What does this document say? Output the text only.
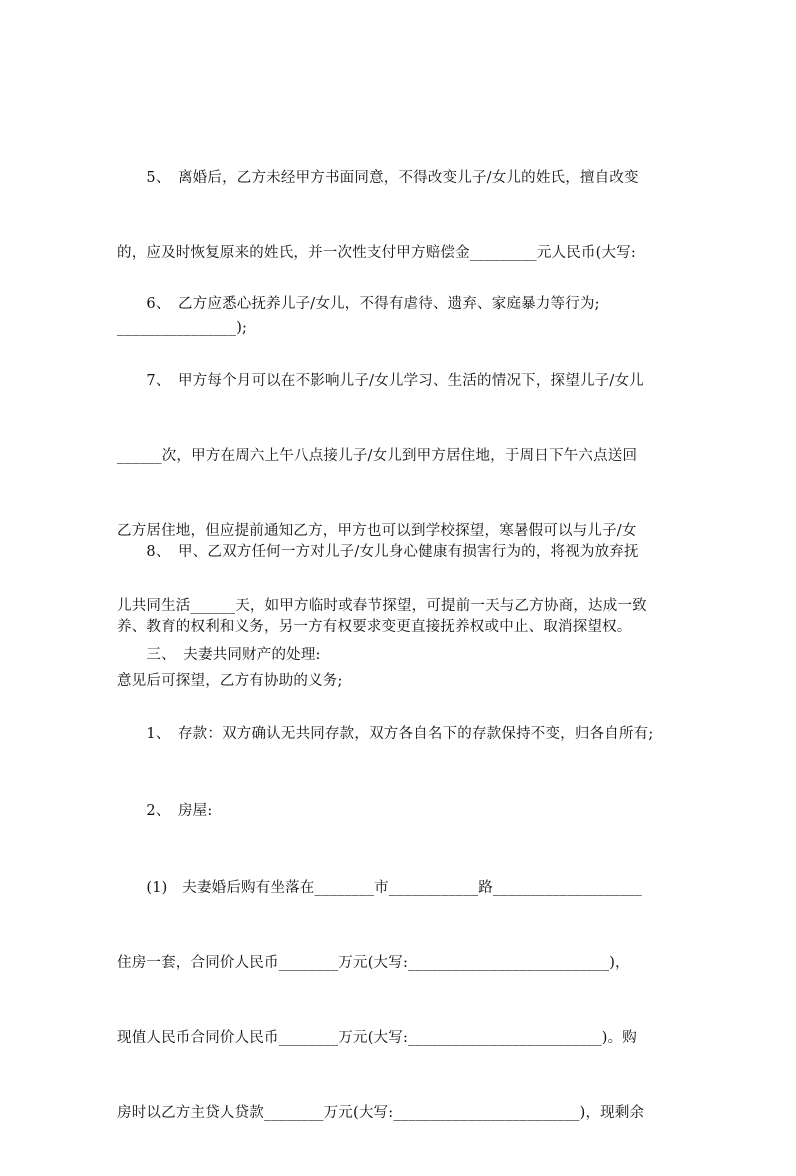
　　5、　离婚后，乙方未经甲方书面同意，不得改变儿子/女儿的姓氏，擅自改变

的，应及时恢复原来的姓氏，并一次性支付甲方赔偿金_________元人民币(大写:

________________);

　　6、　乙方应悉心抚养儿子/女儿，不得有虐待、遗弃、家庭暴力等行为;

　　7、　甲方每个月可以在不影响儿子/女儿学习、生活的情况下，探望儿子/女儿

______次，甲方在周六上午八点接儿子/女儿到甲方居住地，于周日下午六点送回

乙方居住地，但应提前通知乙方，甲方也可以到学校探望，寒暑假可以与儿子/女

儿共同生活______天，如甲方临时或春节探望，可提前一天与乙方协商，达成一致

意见后可探望，乙方有协助的义务;

　　8、　甲、乙双方任何一方对儿子/女儿身心健康有损害行为的，将视为放弃抚

养、教育的权利和义务，另一方有权要求变更直接抚养权或中止、取消探望权。

　　三、　夫妻共同财产的处理:

　　1、　存款：双方确认无共同存款，双方各自名下的存款保持不变，归各自所有;

　　2、　房屋:

　　(1)　夫妻婚后购有坐落在________市____________路____________________

住房一套，合同价人民币________万元(大写:___________________________)，

现值人民币合同价人民币________万元(大写:__________________________)。购

房时以乙方主贷人贷款________万元(大写:_________________________)，现剩余
